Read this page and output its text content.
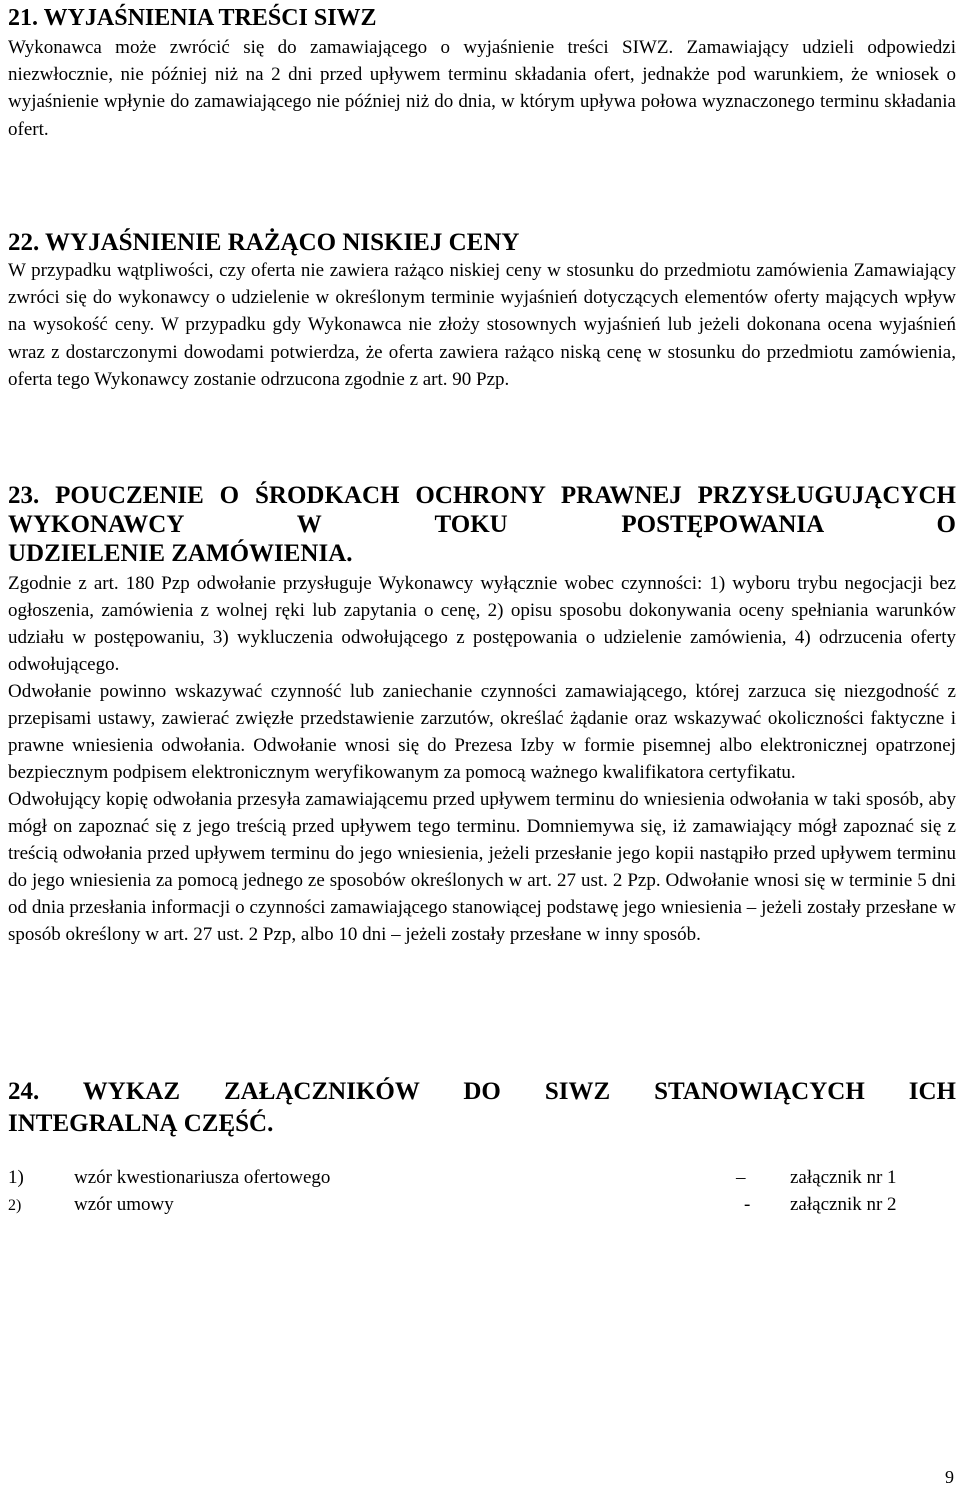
21. WYJAŚNIENIA TREŚCI SIWZ

Wykonawca może zwrócić się do zamawiającego o wyjaśnienie treści SIWZ. Zamawiający udzieli odpowiedzi niezwłocznie, nie później niż na 2 dni przed upływem terminu składania ofert, jednakże pod warunkiem, że wniosek o wyjaśnienie wpłynie do zamawiającego nie później niż do dnia, w którym upływa połowa wyznaczonego terminu składania ofert.

22. WYJAŚNIENIE RAŻĄCO NISKIEJ CENY

W przypadku wątpliwości, czy oferta nie zawiera rażąco niskiej ceny w stosunku do przedmiotu zamówienia Zamawiający zwróci się do wykonawcy o udzielenie w określonym terminie wyjaśnień dotyczących elementów oferty mających wpływ na wysokość ceny. W przypadku gdy Wykonawca nie złoży stosownych wyjaśnień lub jeżeli dokonana ocena wyjaśnień wraz z dostarczonymi dowodami potwierdza, że oferta zawiera rażąco niską cenę w stosunku do przedmiotu zamówienia, oferta tego Wykonawcy zostanie odrzucona zgodnie z art. 90 Pzp.

23. POUCZENIE O ŚRODKACH OCHRONY PRAWNEJ PRZYSŁUGUJĄCYCH WYKONAWCY W TOKU POSTĘPOWANIA O
UDZIELENIE ZAMÓWIENIA.

Zgodnie z art. 180 Pzp odwołanie przysługuje Wykonawcy wyłącznie wobec czynności: 1) wyboru trybu negocjacji bez ogłoszenia, zamówienia z wolnej ręki lub zapytania o cenę, 2) opisu sposobu dokonywania oceny spełniania warunków udziału w postępowaniu, 3) wykluczenia odwołującego z postępowania o udzielenie zamówienia, 4) odrzucenia oferty odwołującego.

Odwołanie powinno wskazywać czynność lub zaniechanie czynności zamawiającego, której zarzuca się niezgodność z przepisami ustawy, zawierać zwięzłe przedstawienie zarzutów, określać żądanie oraz wskazywać okoliczności faktyczne i prawne wniesienia odwołania. Odwołanie wnosi się do Prezesa Izby w formie pisemnej albo elektronicznej opatrzonej bezpiecznym podpisem elektronicznym weryfikowanym za pomocą ważnego kwalifikatora certyfikatu.

Odwołujący kopię odwołania przesyła zamawiającemu przed upływem terminu do wniesienia odwołania w taki sposób, aby mógł on zapoznać się z jego treścią przed upływem tego terminu. Domniemywa się, iż zamawiający mógł zapoznać się z treścią odwołania przed upływem terminu do jego wniesienia, jeżeli przesłanie jego kopii nastąpiło przed upływem terminu do jego wniesienia za pomocą jednego ze sposobów określonych w art. 27 ust. 2 Pzp. Odwołanie wnosi się w terminie 5 dni od dnia przesłania informacji o czynności zamawiającego stanowiącej podstawę jego wniesienia – jeżeli zostały przesłane w sposób określony w art. 27 ust. 2 Pzp, albo 10 dni – jeżeli zostały przesłane w inny sposób.

24. WYKAZ ZAŁĄCZNIKÓW DO SIWZ STANOWIĄCYCH ICH
INTEGRALNĄ CZĘŚĆ.
1)	wzór kwestionariusza ofertowego	– załącznik nr 1
2)	wzór umowy	- załącznik nr 2
9
